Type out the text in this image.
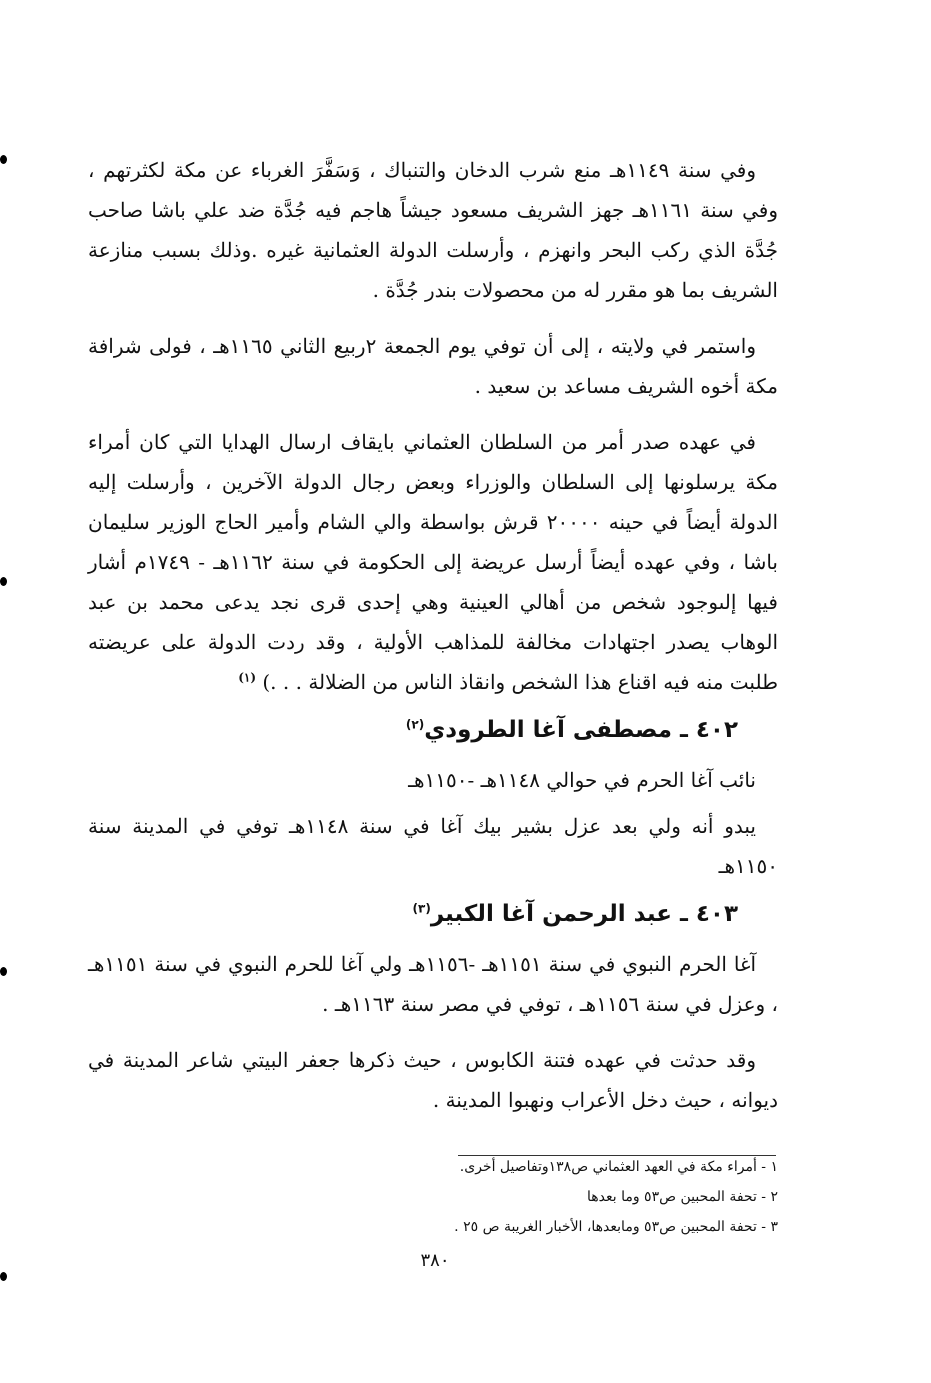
وفي سنة ١١٤٩هـ منع شرب الدخان والتنباك ، وَسَفَّرَ الغرباء عن مكة لكثرتهم ، وفي سنة ١١٦١هـ جهز الشريف مسعود جيشاً هاجم فيه جُدَّة ضد علي باشا صاحب جُدَّة الذي ركب البحر وانهزم ، وأرسلت الدولة العثمانية غيره .وذلك بسبب منازعة الشريف بما هو مقرر له من محصولات بندر جُدَّة .

واستمر في ولايته ، إلى أن توفي يوم الجمعة ٢ربيع الثاني ١١٦٥هـ ، فولى شرافة مكة أخوه الشريف مساعد بن سعيد .

في عهده صدر أمر من السلطان العثماني بايقاف ارسال الهدايا التي كان أمراء مكة يرسلونها إلى السلطان والوزراء وبعض رجال الدولة الآخرين ، وأرسلت إليه الدولة أيضاً في حينه ٢٠٠٠٠ قرش بواسطة والي الشام وأمير الحاج الوزير سليمان باشا ، وفي عهده أيضاً أرسل عريضة إلى الحكومة في سنة ١١٦٢هـ - ١٧٤٩م أشار فيها إلىوجود شخص من أهالي العينية وهي إحدى قرى نجد يدعى محمد بن عبد الوهاب يصدر اجتهادات مخالفة للمذاهب الأولية ، وقد ردت الدولة على عريضته طلبت منه فيه اقناع هذا الشخص وانقاذ الناس من الضلالة . . .) $^{(١)}$

٤٠٢ ـ مصطفى آغا الطرودي$^{(٢)}$

نائب آغا الحرم في حوالي ١١٤٨هـ -١١٥٠هـ

يبدو أنه ولي بعد عزل بشير بيك آغا في سنة ١١٤٨هـ توفي في المدينة سنة ١١٥٠هـ

٤٠٣ ـ عبد الرحمن آغا الكبير$^{(٣)}$

آغا الحرم النبوي في سنة ١١٥١هـ -١١٥٦هـ ولي آغا للحرم النبوي في سنة ١١٥١هـ ، وعزل في سنة ١١٥٦هـ ، توفي في مصر سنة ١١٦٣هـ .

وقد حدثت في عهده فتنة الكابوس ، حيث ذكرها جعفر البيتي شاعر المدينة في ديوانه ، حيث دخل الأعراب ونهبوا المدينة .

١ - أمراء مكة في العهد العثماني ص١٣٨وتفاصيل أخرى.

٢ - تحفة المحبين ص٥٣ وما بعدها

٣ - تحفة المحبين ص٥٣ ومابعدها، الأخبار الغريبة ص ٢٥ .

٣٨٠
